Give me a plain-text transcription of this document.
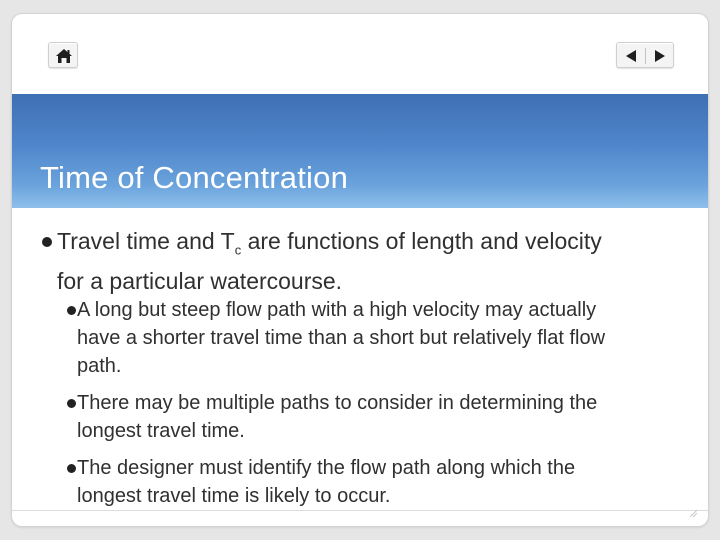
Time of Concentration
Travel time and $T_c$ are functions of length and velocity
for a particular watercourse.
A long but steep flow path with a high velocity may actually
have a shorter travel time than a short but relatively flat flow
path.
There may be multiple paths to consider in determining the
longest travel time.
The designer must identify the flow path along which the
longest travel time is likely to occur.
